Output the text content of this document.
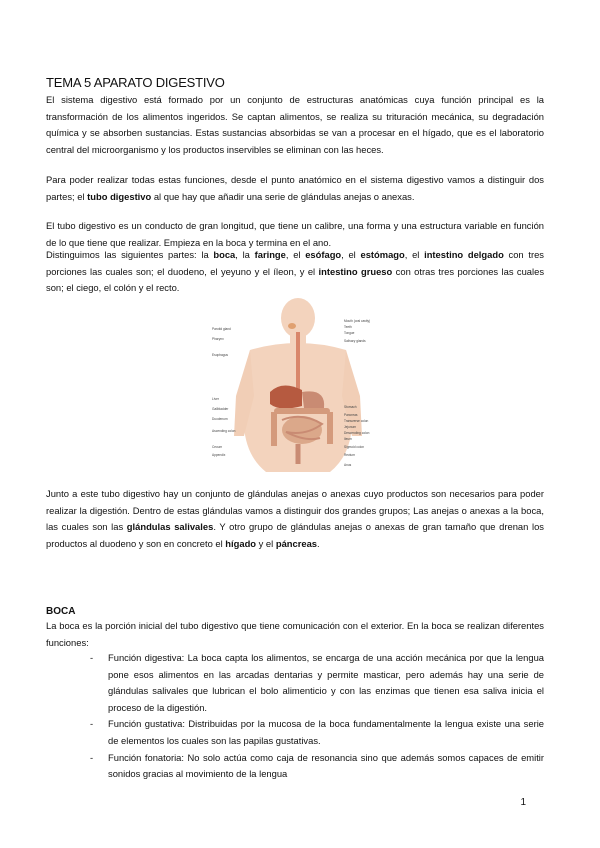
TEMA 5 APARATO DIGESTIVO

El sistema digestivo está formado por un conjunto de estructuras anatómicas cuya función principal es la transformación de los alimentos ingeridos. Se captan alimentos, se realiza su trituración mecánica, su degradación química y se absorben sustancias. Estas sustancias absorbidas se van a procesar en el hígado, que es el laboratorio central del microorganismo y los productos inservibles se eliminan con las heces.

Para poder realizar todas estas funciones, desde el punto anatómico en el sistema digestivo vamos a distinguir dos partes; el tubo digestivo al que hay que añadir una serie de glándulas anejas o anexas.

El tubo digestivo es un conducto de gran longitud, que tiene un calibre, una forma y una estructura variable en función de lo que tiene que realizar. Empieza en la boca y termina en el ano.

Distinguimos las siguientes partes: la boca, la faringe, el esófago, el estómago, el intestino delgado con tres porciones las cuales son; el duodeno, el yeyuno y el íleon, y el intestino grueso con otras tres porciones las cuales son; el ciego, el colón y el recto.

Parotid gland
Pharynx
Esophagus
Liver
Gallbladder
Duodenum
Ascending colon
Cecum
Appendix
Mouth (oral cavity)
Teeth
Tongue
Salivary glands
Stomach
Pancreas
Transverse colon
Jejunum
Descending colon
Ileum
Sigmoid colon
Rectum
Anus

Junto a este tubo digestivo hay un conjunto de glándulas anejas o anexas cuyo productos son necesarios para poder realizar la digestión. Dentro de estas glándulas vamos a distinguir dos grandes grupos; Las anejas o anexas a la boca, las cuales son las glándulas salivales. Y otro grupo de glándulas anejas o anexas de gran tamaño que drenan los productos al duodeno y son en concreto el hígado y el páncreas.

BOCA

La boca es la porción inicial del tubo digestivo que tiene comunicación con el exterior. En la boca se realizan diferentes funciones:

- Función digestiva: La boca capta los alimentos, se encarga de una acción mecánica por que la lengua pone esos alimentos en las arcadas dentarias y permite masticar, pero además hay una serie de glándulas salivales que lubrican el bolo alimenticio y con las enzimas que tienen esa saliva inicia el proceso de la digestión.
- Función gustativa: Distribuidas por la mucosa de la boca fundamentalmente la lengua existe una serie de elementos los cuales son las papilas gustativas.
- Función fonatoria: No solo actúa como caja de resonancia sino que además somos capaces de emitir sonidos gracias al movimiento de la lengua
1
